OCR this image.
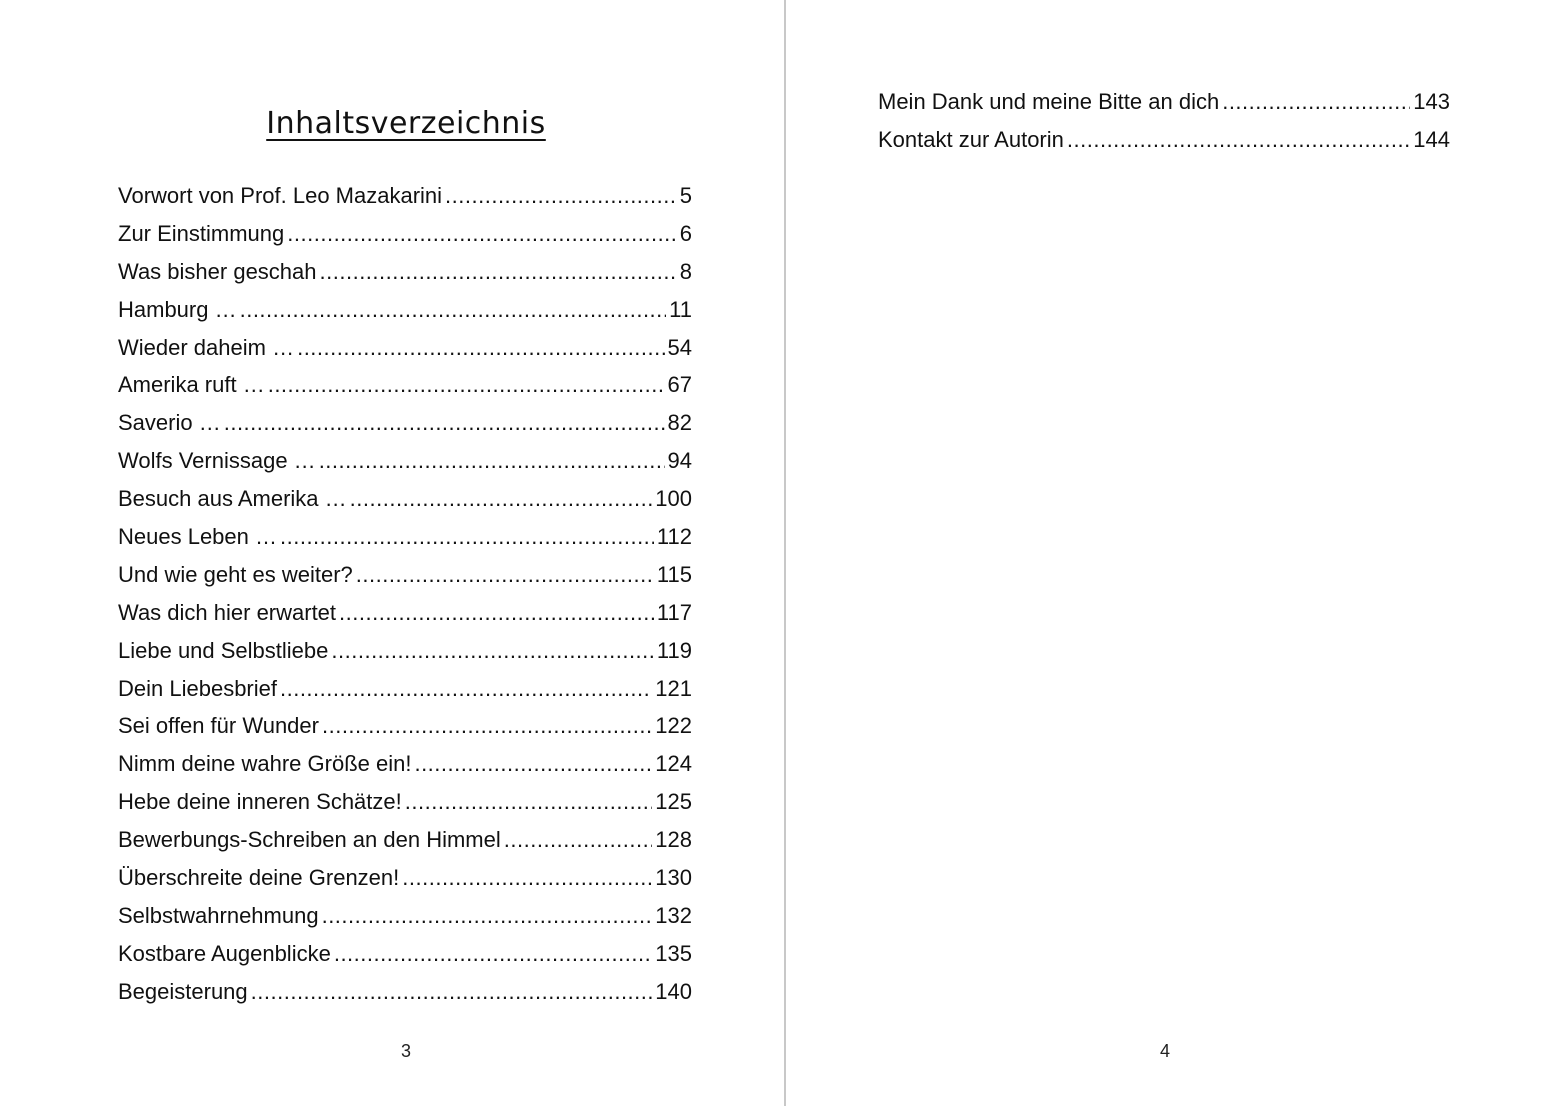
Inhaltsverzeichnis
Vorwort von Prof. Leo Mazakarini .....	5
Zur Einstimmung .....	6
Was bisher geschah .....	8
Hamburg … .....	11
Wieder daheim … .....	54
Amerika ruft … .....	67
Saverio … .....	82
Wolfs Vernissage … .....	94
Besuch aus Amerika … .....	100
Neues Leben … .....	112
Und wie geht es weiter? .....	115
Was dich hier erwartet .....	117
Liebe und Selbstliebe .....	119
Dein Liebesbrief .....	121
Sei offen für Wunder .....	122
Nimm deine wahre Größe ein! .....	124
Hebe deine inneren Schätze! .....	125
Bewerbungs-Schreiben an den Himmel .....	128
Überschreite deine Grenzen! .....	130
Selbstwahrnehmung .....	132
Kostbare Augenblicke .....	135
Begeisterung .....	140
3
Mein Dank und meine Bitte an dich .....	143
Kontakt zur Autorin .....	144
4
